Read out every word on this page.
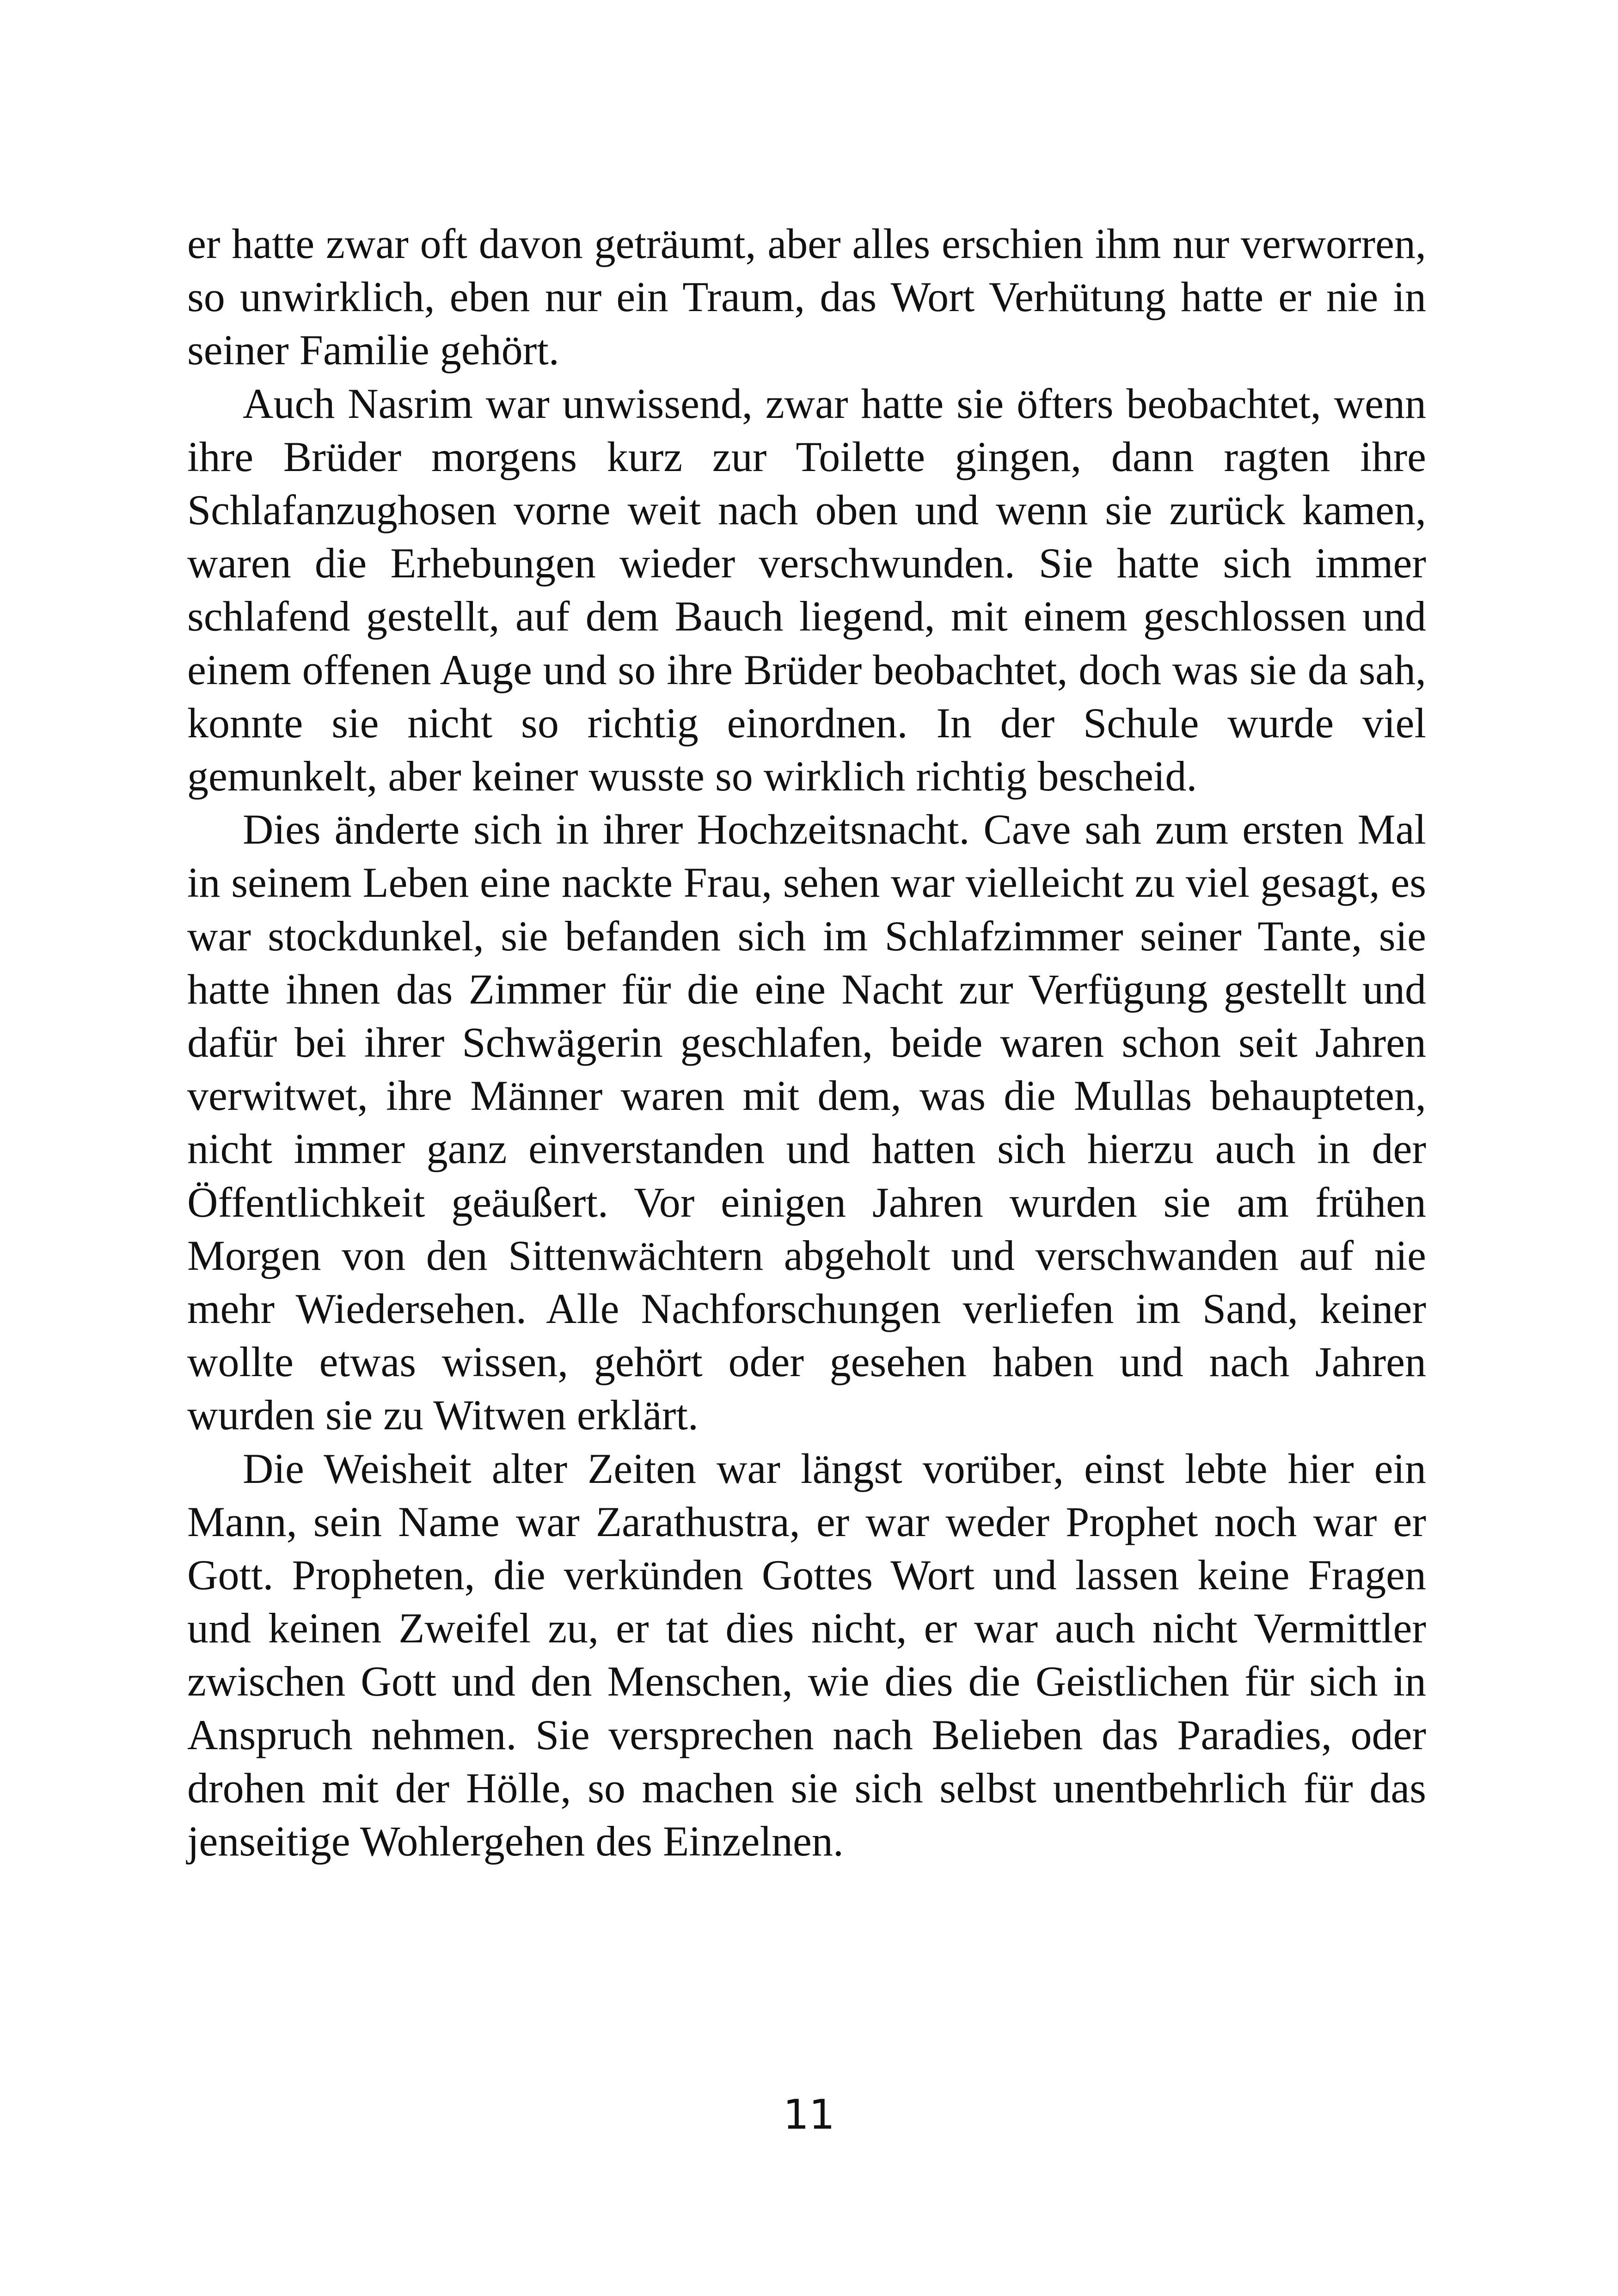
er hatte zwar oft davon geträumt, aber alles erschien ihm nur verworren, so unwirklich, eben nur ein Traum, das Wort Verhütung hatte er nie in seiner Familie gehört.

Auch Nasrim war unwissend, zwar hatte sie öfters beobachtet, wenn ihre Brüder morgens kurz zur Toilette gingen, dann ragten ihre Schlafanzughosen vorne weit nach oben und wenn sie zurück kamen, waren die Erhebungen wieder verschwunden. Sie hatte sich immer schlafend gestellt, auf dem Bauch liegend, mit einem geschlossen und einem offenen Auge und so ihre Brüder beobachtet, doch was sie da sah, konnte sie nicht so richtig einordnen. In der Schule wurde viel gemunkelt, aber keiner wusste so wirklich richtig bescheid.

Dies änderte sich in ihrer Hochzeitsnacht. Cave sah zum ersten Mal in seinem Leben eine nackte Frau, sehen war vielleicht zu viel gesagt, es war stockdunkel, sie befanden sich im Schlafzimmer seiner Tante, sie hatte ihnen das Zimmer für die eine Nacht zur Verfügung gestellt und dafür bei ihrer Schwägerin geschlafen, beide waren schon seit Jahren verwitwet, ihre Männer waren mit dem, was die Mullas behaupteten, nicht immer ganz einverstanden und hatten sich hierzu auch in der Öffentlichkeit geäußert. Vor einigen Jahren wurden sie am frühen Morgen von den Sittenwächtern abgeholt und verschwanden auf nie mehr Wiedersehen. Alle Nachforschungen verliefen im Sand, keiner wollte etwas wissen, gehört oder gesehen haben und nach Jahren wurden sie zu Witwen erklärt.

Die Weisheit alter Zeiten war längst vorüber, einst lebte hier ein Mann, sein Name war Zarathustra, er war weder Prophet noch war er Gott. Propheten, die verkünden Gottes Wort und lassen keine Fragen und keinen Zweifel zu, er tat dies nicht, er war auch nicht Vermittler zwischen Gott und den Menschen, wie dies die Geistlichen für sich in Anspruch nehmen. Sie versprechen nach Belieben das Paradies, oder drohen mit der Hölle, so machen sie sich selbst unentbehrlich für das jenseitige Wohlergehen des Einzelnen.

11
